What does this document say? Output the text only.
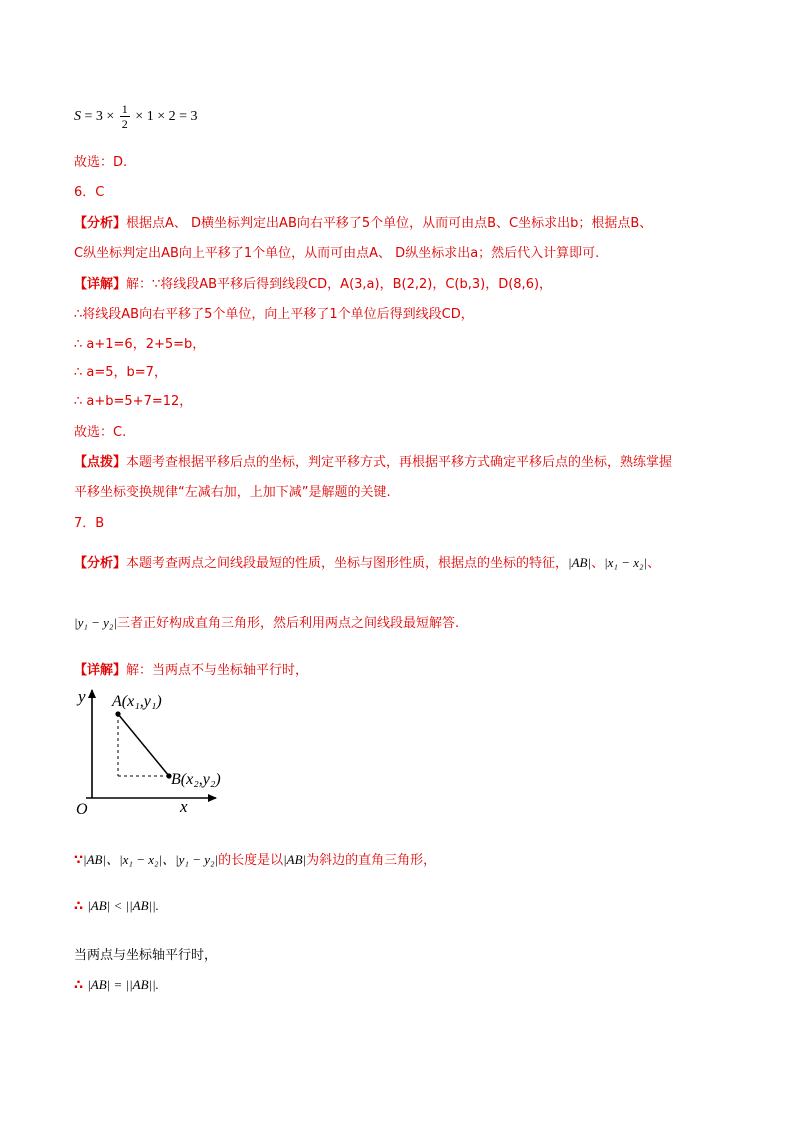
$S = 3 \times \frac{1}{2} \times 1 \times 2 = 3$
故选：D.
6．C
【分析】根据点A、 D横坐标判定出AB向右平移了5个单位，从而可由点B、C坐标求出b；根据点B、
C纵坐标判定出AB向上平移了1个单位，从而可由点A、 D纵坐标求出a；然后代入计算即可.
【详解】解：∵将线段AB平移后得到线段CD，A(3,a)，B(2,2)，C(b,3)，D(8,6)，
∴将线段AB向右平移了5个单位，向上平移了1个单位后得到线段CD，
∴ a+1=6，2+5=b，
∴ a=5，b=7，
∴ a+b=5+7=12，
故选：C.
【点拨】本题考查根据平移后点的坐标，判定平移方式，再根据平移方式确定平移后点的坐标，熟练掌握
平移坐标变换规律“左减右加，上加下减”是解题的关键.
7．B
【分析】本题考查两点之间线段最短的性质，坐标与图形性质，根据点的坐标的特征，|AB|、|x₁ − x₂|、
|y₁ − y₂|三者正好构成直角三角形，然后利用两点之间线段最短解答.
【详解】解：当两点不与坐标轴平行时，
y
x
O
A(x₁,y₁)
B(x₂,y₂)
∵|AB|、|x₁ − x₂|、|y₁ − y₂|的长度是以|AB|为斜边的直角三角形，
∴ |AB| < ||AB||.
当两点与坐标轴平行时，
∴ |AB| = ||AB||.
